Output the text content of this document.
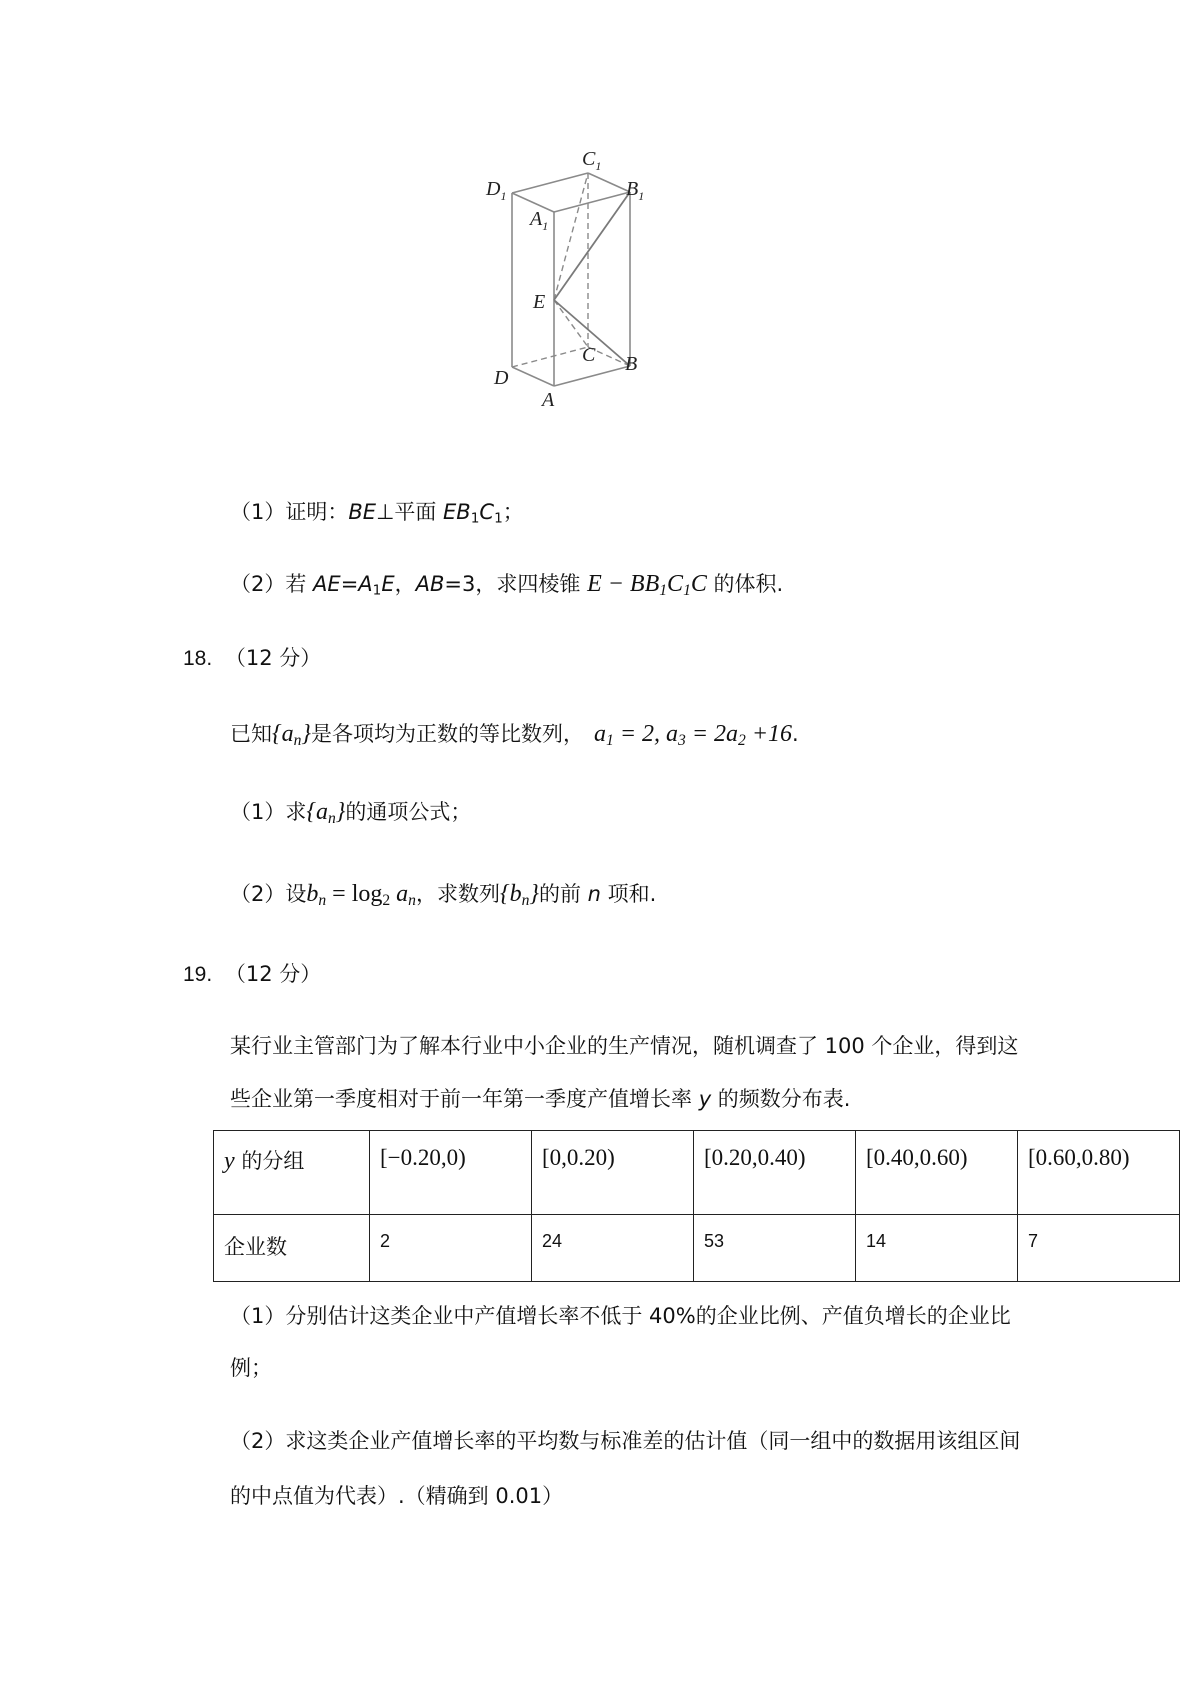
$C_1$
$D_1$	$B_1$
$A_1$
E
C B
D
A
（1）证明：BE⊥平面 $EB_1C_1$；
（2）若 $AE=A_1E$，AB=3，求四棱锥 $E - BB_1C_1C$ 的体积.
18. （12 分）
已知$\{a_n\}$是各项均为正数的等比数列， $a_1 = 2$, $a_3 = 2a_2 +16$.
（1）求$\{a_n\}$的通项公式；
（2）设$b_n = \log_2 a_n$，求数列$\{b_n\}$的前 n 项和.
19. （12 分）
某行业主管部门为了解本行业中小企业的生产情况，随机调查了 100 个企业，得到这
些企业第一季度相对于前一年第一季度产值增长率 y 的频数分布表.
y 的分组	[−0.20,0)	[0,0.20)	[0.20,0.40)	[0.40,0.60)	[0.60,0.80)
企业数	2	24	53	14	7
（1）分别估计这类企业中产值增长率不低于 40%的企业比例、产值负增长的企业比
例；
（2）求这类企业产值增长率的平均数与标准差的估计值（同一组中的数据用该组区间
的中点值为代表）.（精确到 0.01）
